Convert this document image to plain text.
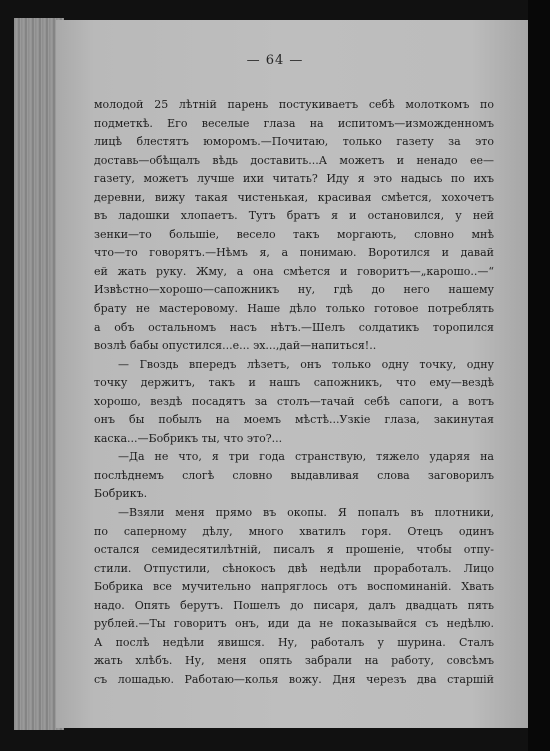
— 64 —
молодой 25 лѣтній парень постукиваетъ себѣ молоткомъ по
подметкѣ. Его веселые глаза на испитомъ—изможденномъ
лицѣ блестятъ юморомъ.—Почитаю, только газету за это
доставь—обѣщалъ вѣдь доставить...А можетъ и ненадо ее—
газету, можетъ лучше ихи читать? Иду я это надысь по ихъ
деревни, вижу такая чистенькая, красивая смѣется, хохочетъ
въ ладошки хлопаетъ. Тутъ братъ я и остановился, у ней
зенки—то большіе, весело такъ моргають, словно мнѣ
что—то говорятъ.—Нѣмъ я, а понимаю. Воротился и давай
ей жать руку. Жму, а она смѣется и говоритъ—„карошо..—“
Извѣстно—хорошо—сапожникъ ну, гдѣ до него нашему
брату не мастеровому. Наше дѣло только готовое потреблять
а объ остальномъ насъ нѣтъ.—Шелъ солдатикъ торопился
возлѣ бабы опустился...е... эх...,дай—напиться!..
— Гвоздь впередъ лѣзетъ, онъ только одну точку, одну
точку держитъ, такъ и нашъ сапожникъ, что ему—вездѣ
хорошо, вездѣ посадятъ за столъ—тачай себѣ сапоги, а вотъ
онъ бы побылъ на моемъ мѣстѣ...Узкіе глаза, закинутая
каска...—Бобрикъ ты, что это?...
—Да не что, я три года странствую, тяжело ударяя на
послѣднемъ слогѣ словно выдавливая слова заговорилъ
Бобрикъ.
—Взяли меня прямо въ окопы. Я попалъ въ плотники,
по саперному дѣлу, много хватилъ горя. Отецъ одинъ
остался семидесятилѣтній, писалъ я прошеніе, чтобы отпу-
стили. Отпустили, сѣнокосъ двѣ недѣли проработалъ. Лицо
Бобрика все мучительно напряглось отъ воспоминаній. Хвать
надо. Опять берутъ. Пошелъ до писаря, далъ двадцать пять
рублей.—Ты говоритъ онъ, иди да не показывайся съ недѣлю.
А послѣ недѣли явишся. Ну, работалъ у шурина. Сталъ
жать хлѣбъ. Ну, меня опять забрали на работу, совсѣмъ
съ лошадью. Работаю—колья вожу. Дня черезъ два старшій
